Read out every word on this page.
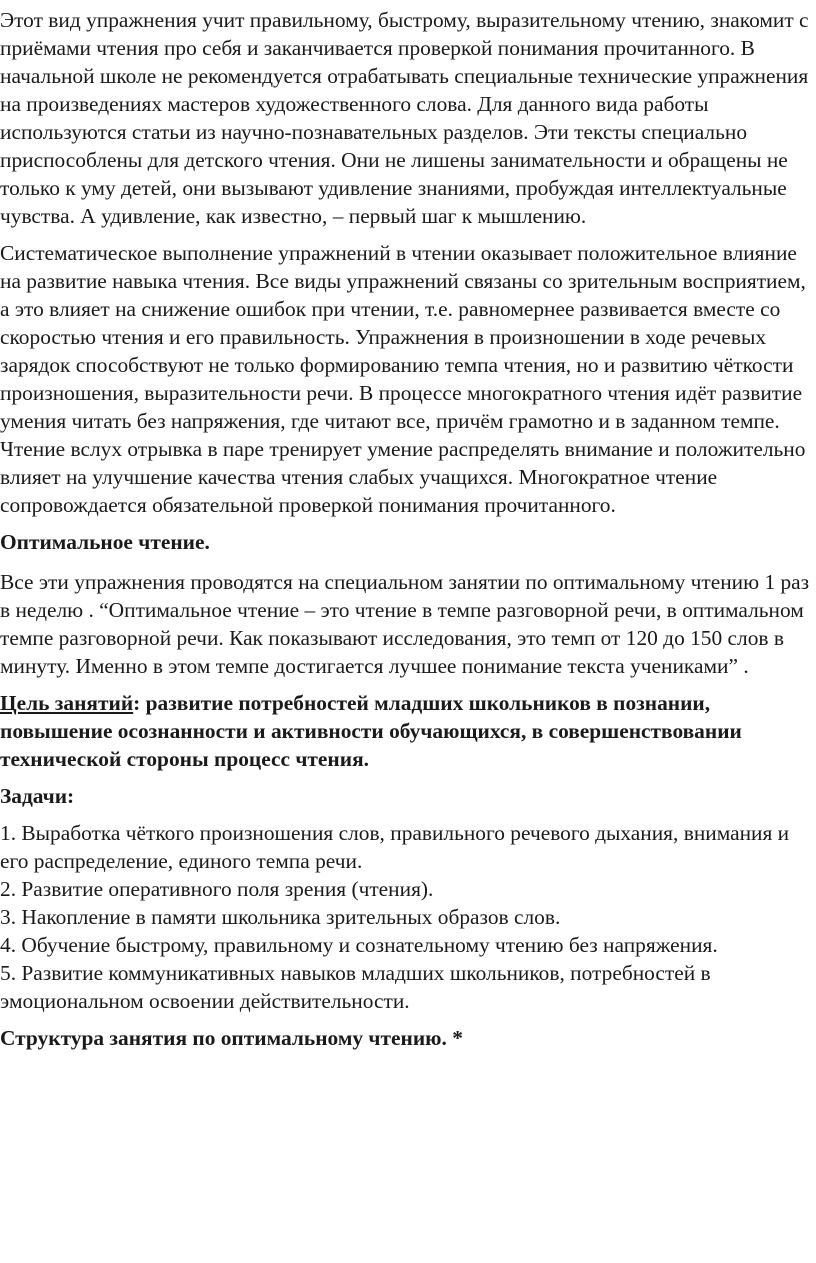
Этот вид упражнения учит правильному, быстрому, выразительному чтению, знакомит с приёмами чтения про себя и заканчивается проверкой понимания прочитанного. В начальной школе не рекомендуется отрабатывать специальные технические упражнения на произведениях мастеров художественного слова. Для данного вида работы используются статьи из научно-познавательных разделов. Эти тексты специально приспособлены для детского чтения. Они не лишены занимательности и обращены не только к уму детей, они вызывают удивление знаниями, пробуждая интеллектуальные чувства. А удивление, как известно, – первый шаг к мышлению.

Систематическое выполнение упражнений в чтении оказывает положительное влияние на развитие навыка чтения. Все виды упражнений связаны со зрительным восприятием, а это влияет на снижение ошибок при чтении, т.е. равномернее развивается вместе со скоростью чтения и его правильность. Упражнения в произношении в ходе речевых зарядок способствуют не только формированию темпа чтения, но и развитию чёткости произношения, выразительности речи. В процессе многократного чтения идёт развитие умения читать без напряжения, где читают все, причём грамотно и в заданном темпе. Чтение вслух отрывка в паре тренирует умение распределять внимание и положительно влияет на улучшение качества чтения слабых учащихся. Многократное чтение сопровождается обязательной проверкой понимания прочитанного.

Оптимальное чтение.

Все эти упражнения проводятся на специальном занятии по оптимальному чтению 1 раз в неделю . “Оптимальное чтение – это чтение в темпе разговорной речи, в оптимальном темпе разговорной речи. Как показывают исследования, это темп от 120 до 150 слов в минуту. Именно в этом темпе достигается лучшее понимание текста учениками” .

Цель занятий: развитие потребностей младших школьников в познании, повышение осознанности и активности обучающихся, в совершенствовании технической стороны процесс чтения.

Задачи:

1. Выработка чёткого произношения слов, правильного речевого дыхания, внимания и его распределение, единого темпа речи.
2. Развитие оперативного поля зрения (чтения).
3. Накопление в памяти школьника зрительных образов слов.
4. Обучение быстрому, правильному и сознательному чтению без напряжения.
5. Развитие коммуникативных навыков младших школьников, потребностей в эмоциональном освоении действительности.

Структура занятия по оптимальному чтению. *
